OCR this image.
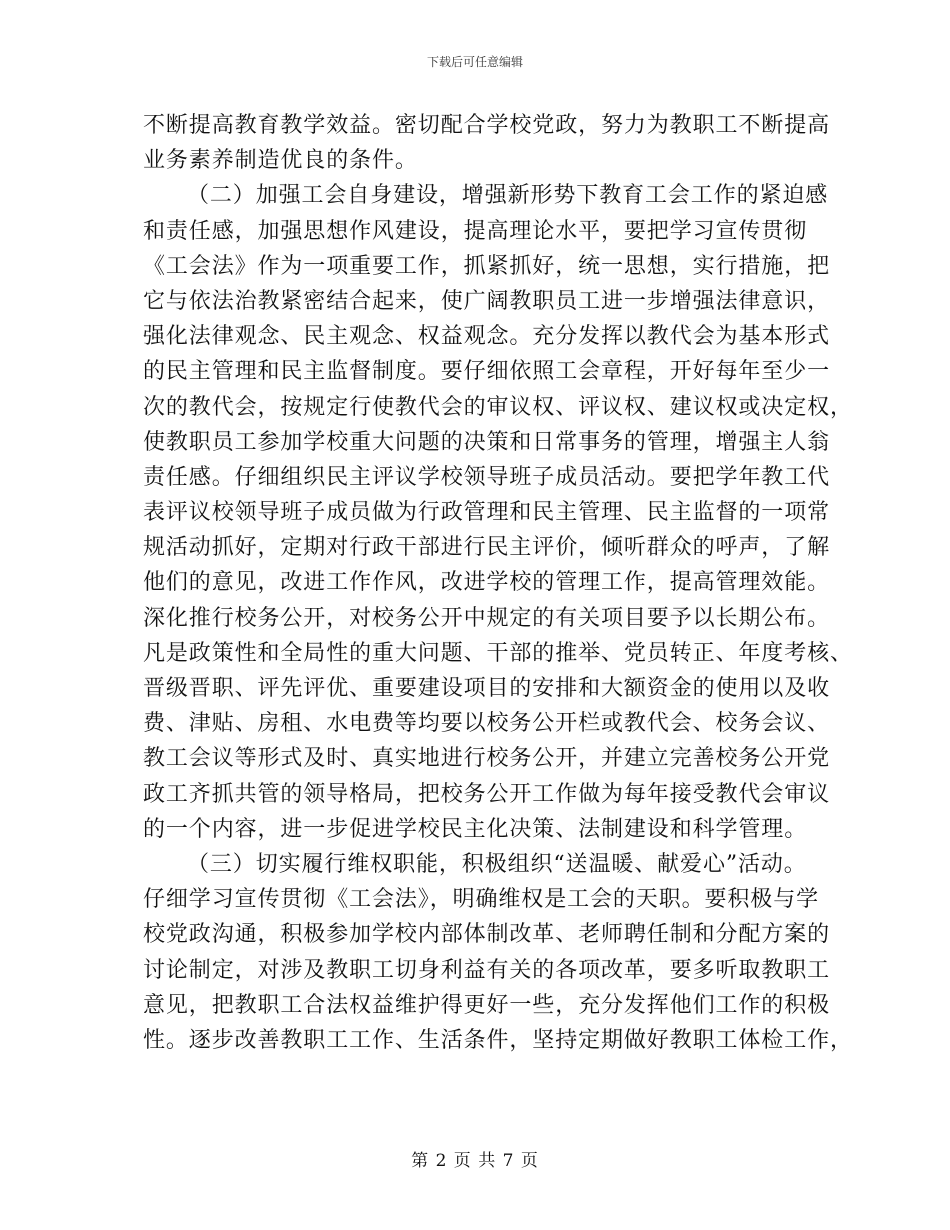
下载后可任意编辑
不断提高教育教学效益。密切配合学校党政，努力为教职工不断提高
业务素养制造优良的条件。
（二）加强工会自身建设，增强新形势下教育工会工作的紧迫感
和责任感，加强思想作风建设，提高理论水平，要把学习宣传贯彻
《工会法》作为一项重要工作，抓紧抓好，统一思想，实行措施，把
它与依法治教紧密结合起来，使广阔教职员工进一步增强法律意识，
强化法律观念、民主观念、权益观念。充分发挥以教代会为基本形式
的民主管理和民主监督制度。要仔细依照工会章程，开好每年至少一
次的教代会，按规定行使教代会的审议权、评议权、建议权或决定权，
使教职员工参加学校重大问题的决策和日常事务的管理，增强主人翁
责任感。仔细组织民主评议学校领导班子成员活动。要把学年教工代
表评议校领导班子成员做为行政管理和民主管理、民主监督的一项常
规活动抓好，定期对行政干部进行民主评价，倾听群众的呼声，了解
他们的意见，改进工作作风，改进学校的管理工作，提高管理效能。
深化推行校务公开，对校务公开中规定的有关项目要予以长期公布。
凡是政策性和全局性的重大问题、干部的推举、党员转正、年度考核、
晋级晋职、评先评优、重要建设项目的安排和大额资金的使用以及收
费、津贴、房租、水电费等均要以校务公开栏或教代会、校务会议、
教工会议等形式及时、真实地进行校务公开，并建立完善校务公开党
政工齐抓共管的领导格局，把校务公开工作做为每年接受教代会审议
的一个内容，进一步促进学校民主化决策、法制建设和科学管理。
（三）切实履行维权职能，积极组织“送温暖、献爱心”活动。
仔细学习宣传贯彻《工会法》，明确维权是工会的天职。要积极与学
校党政沟通，积极参加学校内部体制改革、老师聘任制和分配方案的
讨论制定，对涉及教职工切身利益有关的各项改革，要多听取教职工
意见，把教职工合法权益维护得更好一些，充分发挥他们工作的积极
性。逐步改善教职工工作、生活条件，坚持定期做好教职工体检工作，
第 2 页 共 7 页
